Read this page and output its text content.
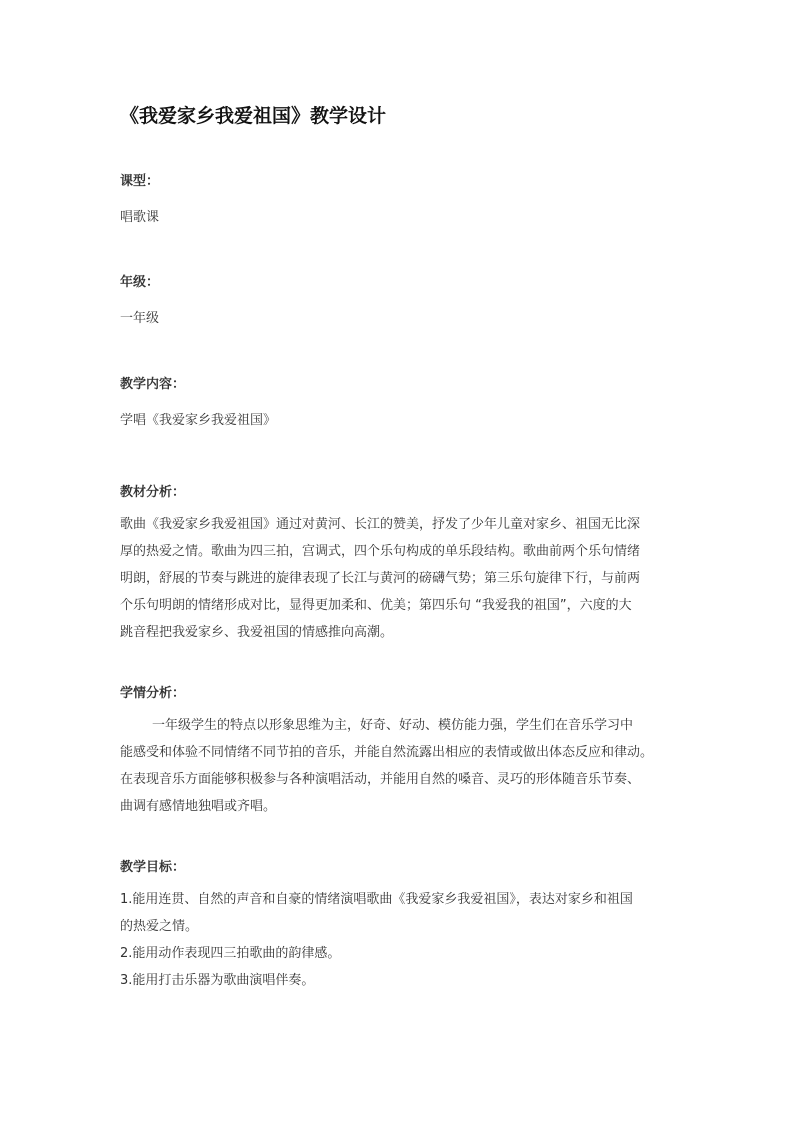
《我爱家乡我爱祖国》教学设计
课型：
唱歌课
年级：
一年级
教学内容：
学唱《我爱家乡我爱祖国》
教材分析：
歌曲《我爱家乡我爱祖国》通过对黄河、长江的赞美，抒发了少年儿童对家乡、祖国无比深
厚的热爱之情。歌曲为四三拍，宫调式，四个乐句构成的单乐段结构。歌曲前两个乐句情绪
明朗，舒展的节奏与跳进的旋律表现了长江与黄河的磅礴气势；第三乐句旋律下行，与前两
个乐句明朗的情绪形成对比，显得更加柔和、优美；第四乐句 “我爱我的祖国”，六度的大
跳音程把我爱家乡、我爱祖国的情感推向高潮。
学情分析：
一年级学生的特点以形象思维为主，好奇、好动、模仿能力强，学生们在音乐学习中
能感受和体验不同情绪不同节拍的音乐，并能自然流露出相应的表情或做出体态反应和律动。
在表现音乐方面能够积极参与各种演唱活动，并能用自然的嗓音、灵巧的形体随音乐节奏、
曲调有感情地独唱或齐唱。
教学目标：
1.能用连贯、自然的声音和自豪的情绪演唱歌曲《我爱家乡我爱祖国》，表达对家乡和祖国
的热爱之情。
2.能用动作表现四三拍歌曲的韵律感。
3.能用打击乐器为歌曲演唱伴奏。
